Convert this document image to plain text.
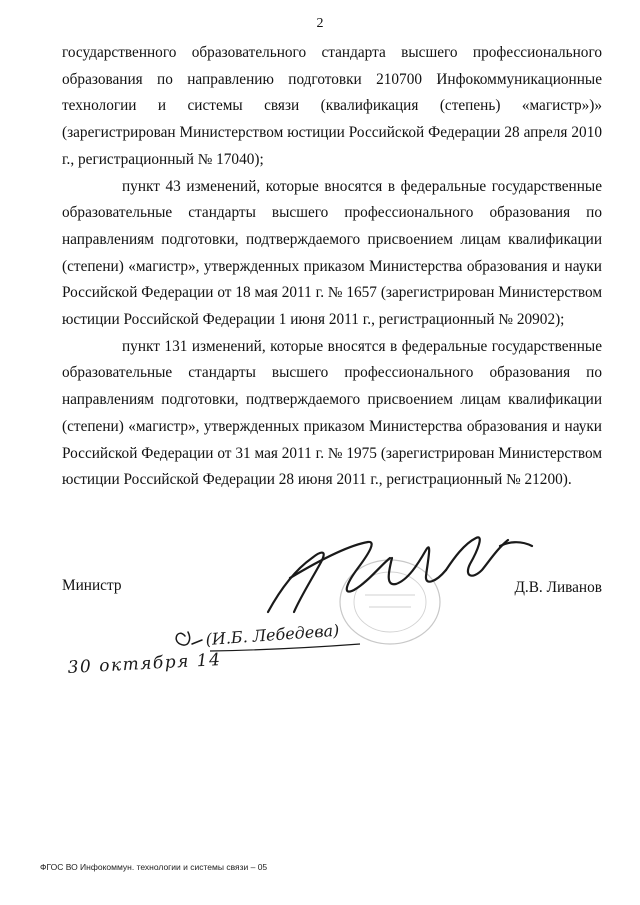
2

государственного образовательного стандарта высшего профессионального образования по направлению подготовки 210700 Инфокоммуникационные технологии и системы связи (квалификация (степень) «магистр»)» (зарегистрирован Министерством юстиции Российской Федерации 28 апреля 2010 г., регистрационный № 17040);

пункт 43 изменений, которые вносятся в федеральные государственные образовательные стандарты высшего профессионального образования по направлениям подготовки, подтверждаемого присвоением лицам квалификации (степени) «магистр», утвержденных приказом Министерства образования и науки Российской Федерации от 18 мая 2011 г. № 1657 (зарегистрирован Министерством юстиции Российской Федерации 1 июня 2011 г., регистрационный № 20902);

пункт 131 изменений, которые вносятся в федеральные государственные образовательные стандарты высшего профессионального образования по направлениям подготовки, подтверждаемого присвоением лицам квалификации (степени) «магистр», утвержденных приказом Министерства образования и науки Российской Федерации от 31 мая 2011 г. № 1975 (зарегистрирован Министерством юстиции Российской Федерации 28 июня 2011 г., регистрационный № 21200).

Министр	Д.В. Ливанов
(И.Б. Лебедева)
30 октября 14
ФГОС ВО Инфокоммун. технологии и системы связи – 05
